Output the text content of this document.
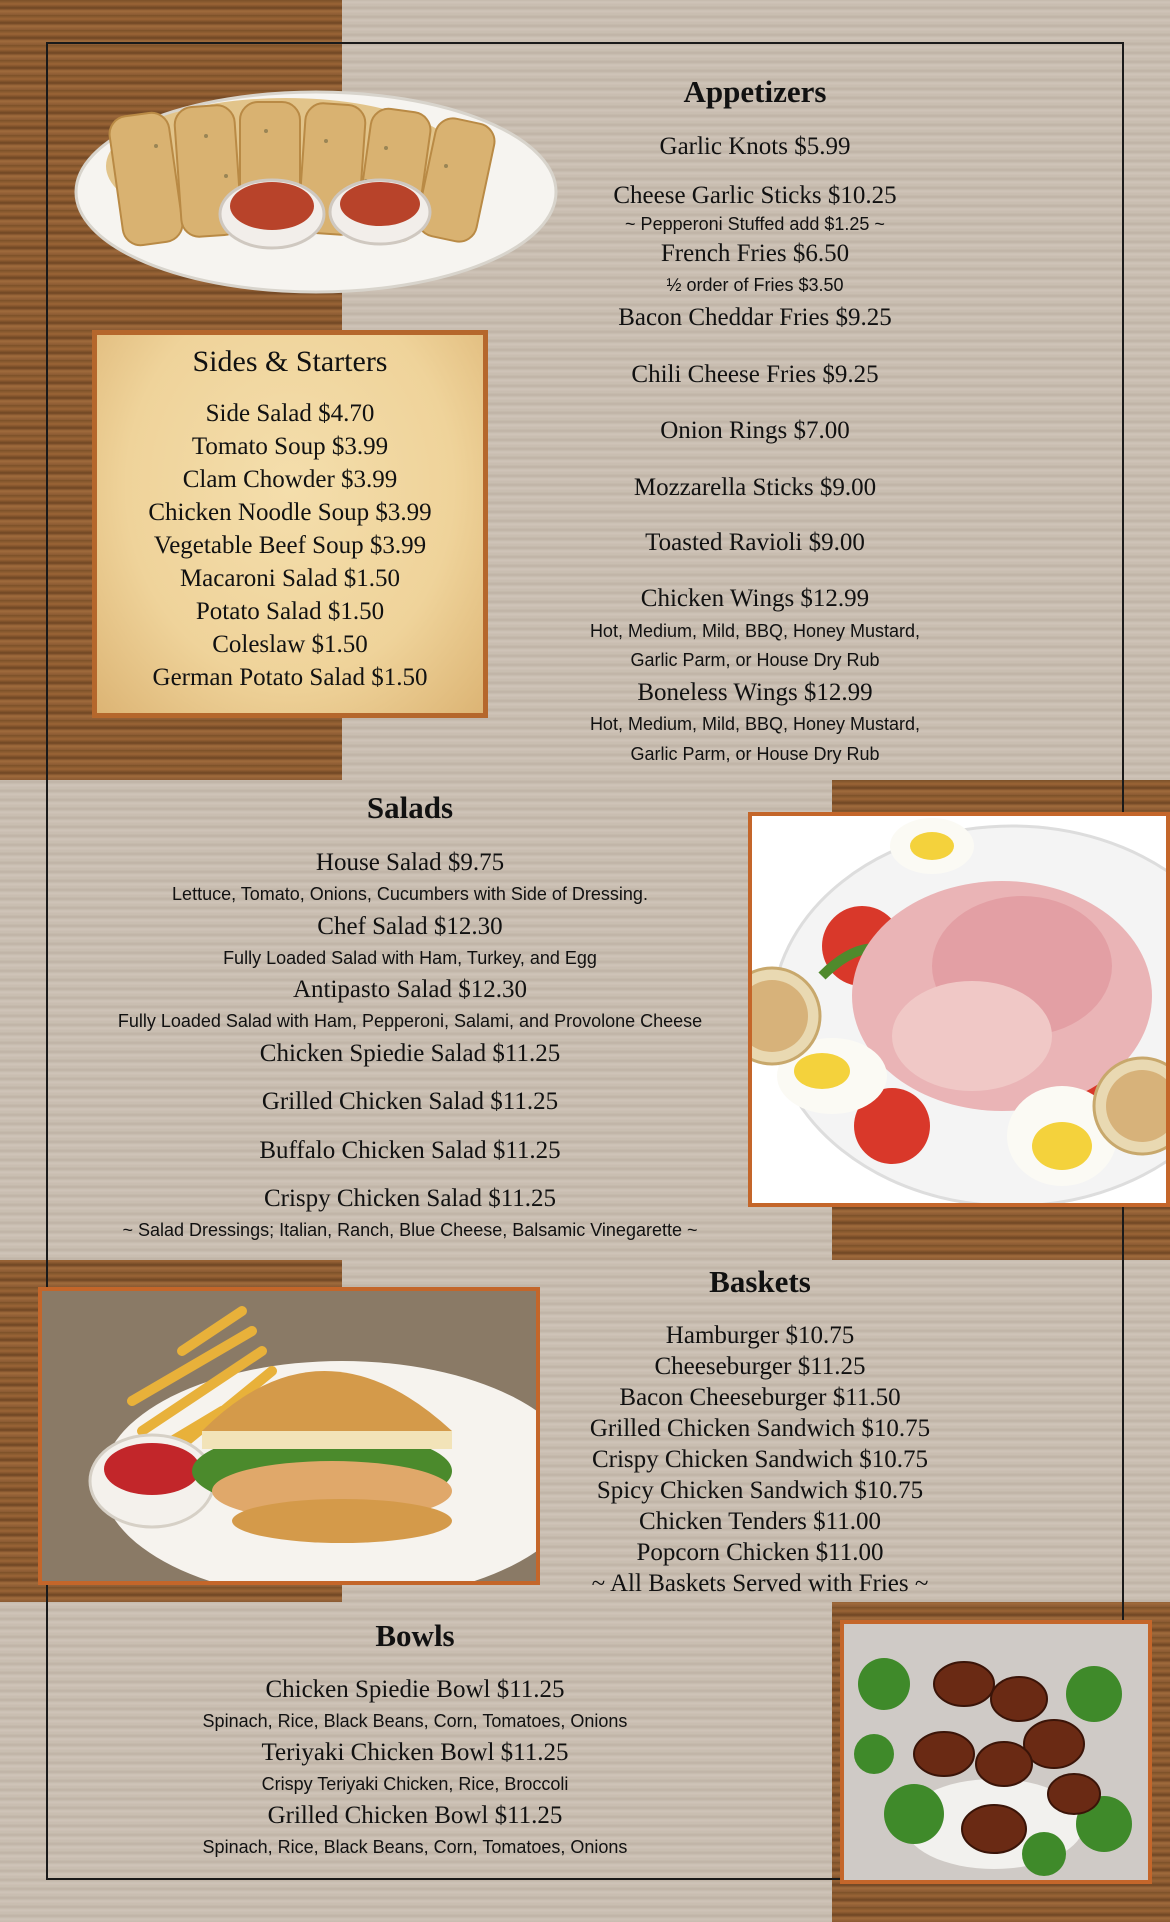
Appetizers
Garlic Knots $5.99
Cheese Garlic Sticks $10.25
~ Pepperoni Stuffed add $1.25 ~
French Fries $6.50
½ order of Fries $3.50
Bacon Cheddar Fries $9.25
Chili Cheese Fries $9.25
Onion Rings $7.00
Mozzarella Sticks $9.00
Toasted Ravioli $9.00
Chicken Wings $12.99
Hot, Medium, Mild, BBQ, Honey Mustard,
Garlic Parm, or House Dry Rub
Boneless Wings $12.99
Hot, Medium, Mild, BBQ, Honey Mustard,
Garlic Parm, or House Dry Rub
Sides & Starters
Side Salad $4.70
Tomato Soup $3.99
Clam Chowder $3.99
Chicken Noodle Soup $3.99
Vegetable Beef Soup $3.99
Macaroni Salad $1.50
Potato Salad $1.50
Coleslaw $1.50
German Potato Salad $1.50
Salads
House Salad $9.75
Lettuce, Tomato, Onions, Cucumbers with Side of Dressing.
Chef Salad $12.30
Fully Loaded Salad with Ham, Turkey, and Egg
Antipasto Salad $12.30
Fully Loaded Salad with Ham, Pepperoni, Salami, and Provolone Cheese
Chicken Spiedie Salad $11.25
Grilled Chicken Salad $11.25
Buffalo Chicken Salad $11.25
Crispy Chicken Salad $11.25
~ Salad Dressings; Italian, Ranch, Blue Cheese, Balsamic Vinegarette ~
Baskets
Hamburger $10.75
Cheeseburger $11.25
Bacon Cheeseburger $11.50
Grilled Chicken Sandwich $10.75
Crispy Chicken Sandwich $10.75
Spicy Chicken Sandwich $10.75
Chicken Tenders $11.00
Popcorn Chicken $11.00
~ All Baskets Served with Fries ~
Bowls
Chicken Spiedie Bowl $11.25
Spinach, Rice, Black Beans, Corn, Tomatoes, Onions
Teriyaki Chicken Bowl $11.25
Crispy Teriyaki Chicken, Rice, Broccoli
Grilled Chicken Bowl $11.25
Spinach, Rice, Black Beans, Corn, Tomatoes, Onions
